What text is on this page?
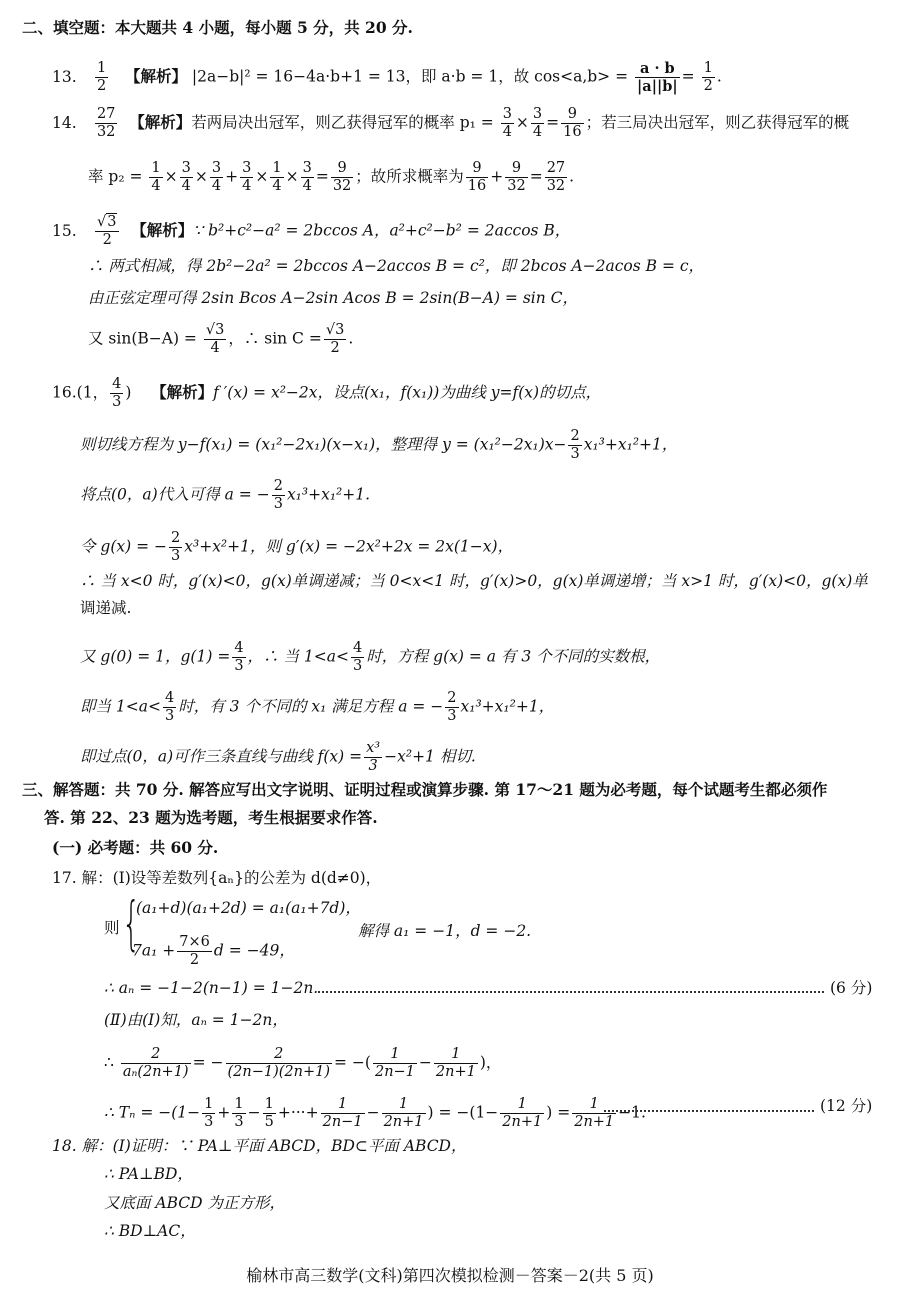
二、填空题：本大题共 4 小题，每小题 5 分，共 20 分.
13. $\frac{1}{2}$ 【解析】 |2a−b|² = 16−4a·b+1 = 13，即 a·b = 1，故 $\cos<a,b> = \frac{a \cdot b}{|a||b|} = \frac{1}{2}$ .
14. $\frac{27}{32}$ 【解析】若两局决出冠军，则乙获得冠军的概率 $p_1 = \frac{3}{4} \times \frac{3}{4} = \frac{9}{16}$ ；若三局决出冠军，则乙获得冠军的概
率 $p_2 = \frac{1}{4} \times \frac{3}{4} \times \frac{3}{4} + \frac{3}{4} \times \frac{1}{4} \times \frac{3}{4} = \frac{9}{32}$ ；故所求概率为 $\frac{9}{16} + \frac{9}{32} = \frac{27}{32}$ .
15. $\frac{√3}{2}$ 【解析】∵ b²+c²−a² = 2bccos A，a²+c²−b² = 2accos B，
∴ 两式相减，得 2b²−2a² = 2bccos A−2accos B = c²，即 2bcos A−2acos B = c，
由正弦定理可得 2sin Bcos A−2sin Acos B = 2sin(B−A) = sin C，
又 $\sin(B-A) = \frac{√3}{4}$ ，∴ $\sin C = \frac{√3}{2}$ .
16.(1， $\frac{4}{3}$ )    【解析】f ′(x) = x²−2x，设点(x₁，f(x₁))为曲线 y=f(x)的切点，
则切线方程为 y−f(x₁) = (x₁²−2x₁)(x−x₁)，整理得 $y = (x_1^2-2x_1)x- \frac{2}{3} x_1^3+x_1^2+1$，
将点(0，a)代入可得 a = − $\frac{2}{3} x_1^3+x_1^2+1$.
令 g(x) = − $\frac{2}{3} x^3+x^2+1$，则 g′(x) = −2x²+2x = 2x(1−x)，
∴ 当 x<0 时，g′(x)<0，g(x)单调递减；当 0<x<1 时，g′(x)>0，g(x)单调递增；当 x>1 时，g′(x)<0，g(x)单
调递减.
又 g(0) = 1，$g(1) = \frac{4}{3}$ ，∴ 当 $1<a< \frac{4}{3}$ 时，方程 g(x) = a 有 3 个不同的实数根，
即当 $1<a< \frac{4}{3}$ 时，有 3 个不同的 x₁ 满足方程 a = − $\frac{2}{3} x_1^3+x_1^2+1$，
即过点(0，a)可作三条直线与曲线 $f(x) = \frac{\text{x³}}{3} -x^2+1$ 相切.
三、解答题：共 70 分. 解答应写出文字说明、证明过程或演算步骤. 第 17～21 题为必考题，每个试题考生都必须作
答. 第 22、23 题为选考题，考生根据要求作答.
(一) 必考题：共 60 分.
17. 解：(Ⅰ)设等差数列{aₙ}的公差为 d(d≠0)，
则 {
(a₁+d)(a₁+2d) = a₁(a₁+7d)，
$7a_1 + \frac{7\times 6}{2}$ d = −49，
解得 a₁ = −1，d = −2.
∴ aₙ = −1−2(n−1) = 1−2n.	(6 分)
(Ⅱ)由(Ⅰ)知，aₙ = 1−2n，
∴ $\frac{2}{\text{aₙ(2n+1)}}$ = − $\frac{2}{(2n-1)(2n+1)}$ = −( $\frac{1}{2n-1} - \frac{1}{2n+1}$ )，
∴ $T_n = -(1- \frac{1}{3} + \frac{1}{3} - \frac{1}{5}$ +···+ $\frac{1}{2n-1} - \frac{1}{2n+1}$ ) = $-(1- \frac{1}{2n+1}$ ) = $\frac{1}{2n+1} -1$.	(12 分)
18. 解：(Ⅰ)证明：∵ PA⊥平面 ABCD，BD⊂平面 ABCD，
∴ PA⊥BD，
又底面 ABCD 为正方形，
∴ BD⊥AC，
榆林市高三数学(文科)第四次模拟检测－答案－2(共 5 页)
